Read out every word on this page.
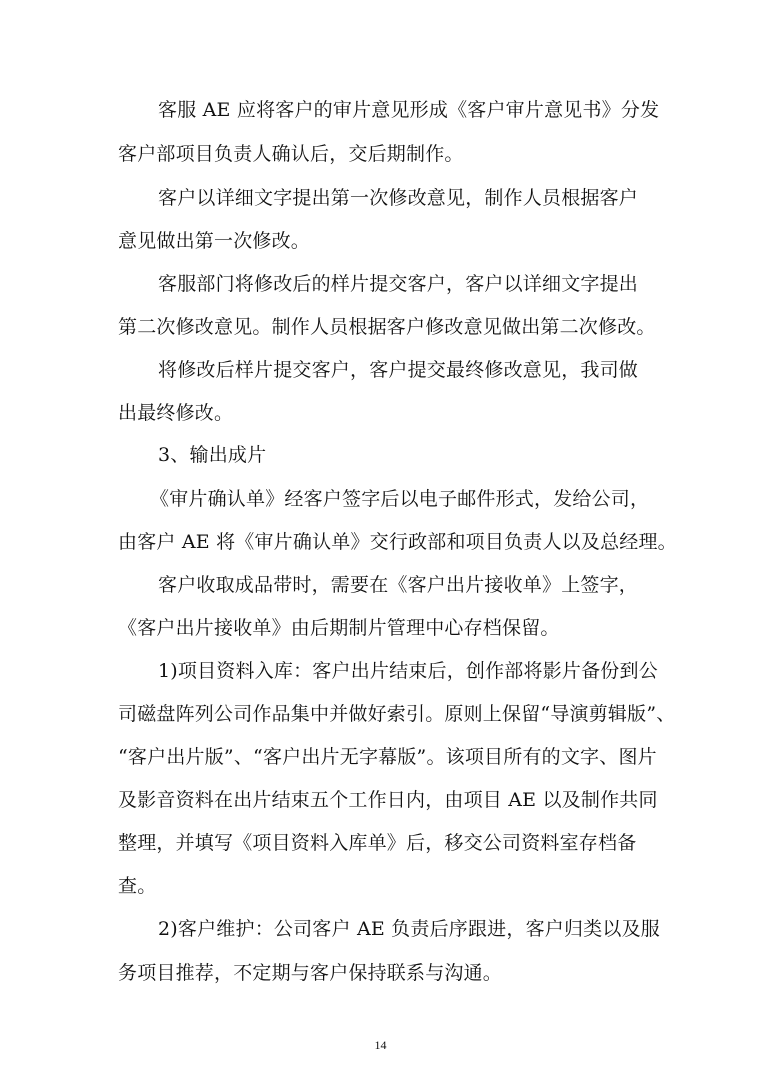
客服 AE 应将客户的审片意见形成《客户审片意见书》分发
客户部项目负责人确认后，交后期制作。
客户以详细文字提出第一次修改意见，制作人员根据客户
意见做出第一次修改。
客服部门将修改后的样片提交客户，客户以详细文字提出
第二次修改意见。制作人员根据客户修改意见做出第二次修改。
将修改后样片提交客户，客户提交最终修改意见，我司做
出最终修改。
3、输出成片
《审片确认单》经客户签字后以电子邮件形式，发给公司，
由客户 AE 将《审片确认单》交行政部和项目负责人以及总经理。
客户收取成品带时，需要在《客户出片接收单》上签字，
《客户出片接收单》由后期制片管理中心存档保留。
1)项目资料入库：客户出片结束后，创作部将影片备份到公
司磁盘阵列公司作品集中并做好索引。原则上保留“导演剪辑版”、
“客户出片版”、“客户出片无字幕版”。该项目所有的文字、图片
及影音资料在出片结束五个工作日内，由项目 AE 以及制作共同
整理，并填写《项目资料入库单》后，移交公司资料室存档备
查。
2)客户维护：公司客户 AE 负责后序跟进，客户归类以及服
务项目推荐，不定期与客户保持联系与沟通。
14
